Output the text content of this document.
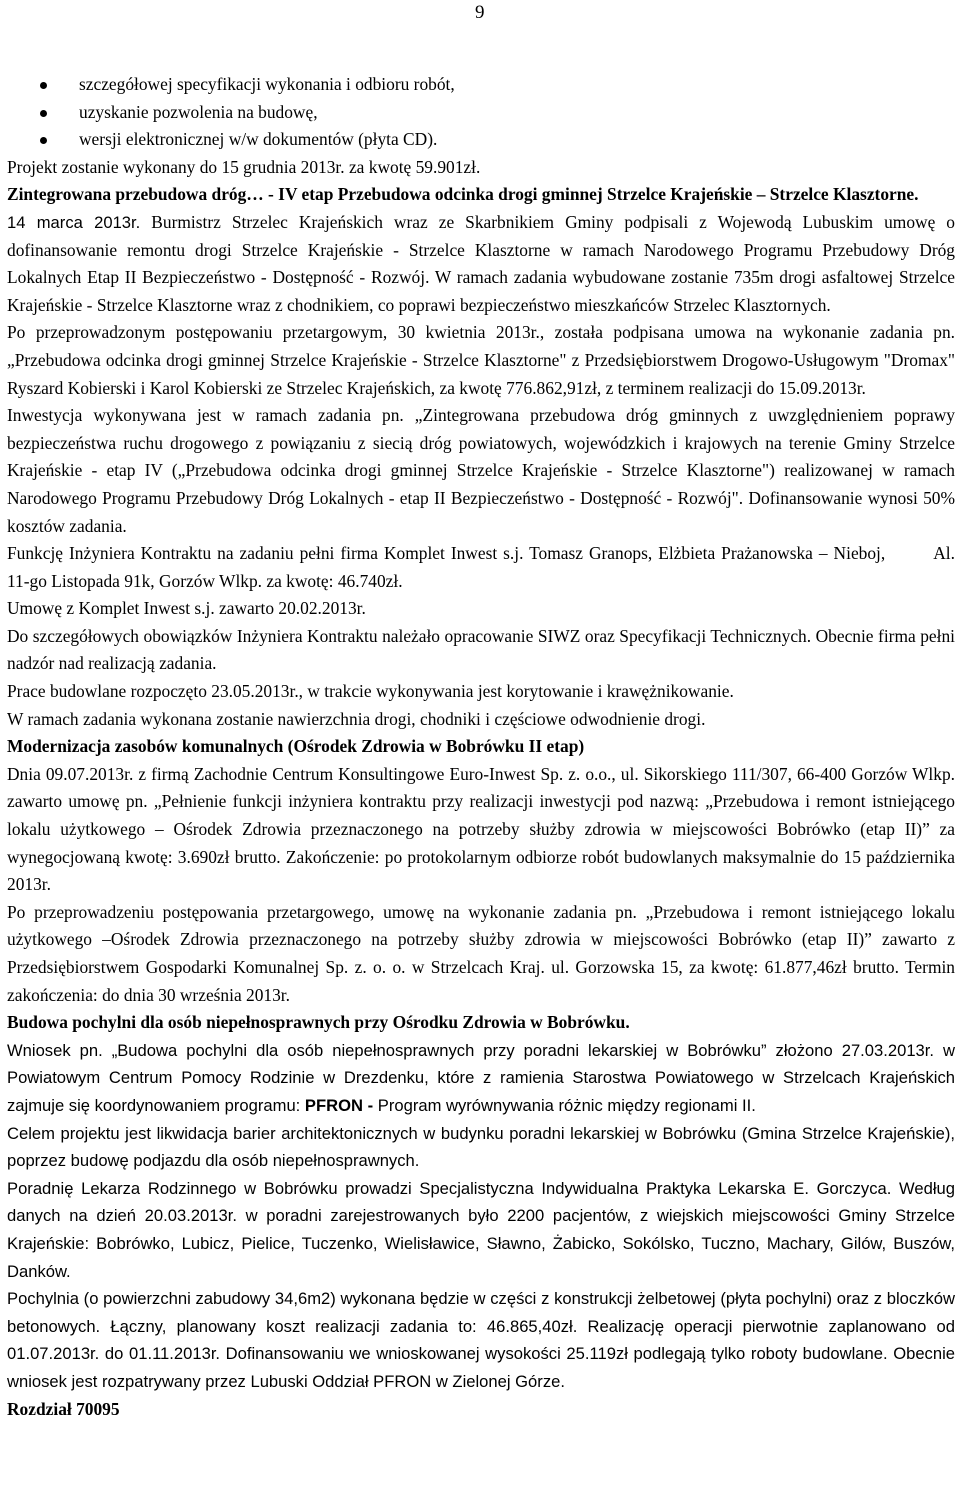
9
szczegółowej specyfikacji wykonania i odbioru robót,
uzyskanie pozwolenia na budowę,
wersji elektronicznej w/w dokumentów (płyta CD).

Projekt zostanie wykonany do 15 grudnia 2013r. za kwotę 59.901zł.

Zintegrowana przebudowa dróg… - IV etap Przebudowa odcinka drogi gminnej Strzelce Krajeńskie – Strzelce Klasztorne.

14 marca 2013r. Burmistrz Strzelec Krajeńskich wraz ze Skarbnikiem Gminy podpisali z Wojewodą Lubuskim umowę o dofinansowanie remontu drogi Strzelce Krajeńskie - Strzelce Klasztorne w ramach Narodowego Programu Przebudowy Dróg Lokalnych Etap II Bezpieczeństwo - Dostępność - Rozwój. W ramach zadania wybudowane zostanie 735m drogi asfaltowej Strzelce Krajeńskie - Strzelce Klasztorne wraz z chodnikiem, co poprawi bezpieczeństwo mieszkańców Strzelec Klasztornych.

Po przeprowadzonym postępowaniu przetargowym, 30 kwietnia 2013r., została podpisana umowa na wykonanie zadania pn. „Przebudowa odcinka drogi gminnej Strzelce Krajeńskie - Strzelce Klasztorne" z Przedsiębiorstwem Drogowo-Usługowym "Dromax" Ryszard Kobierski i Karol Kobierski ze Strzelec Krajeńskich, za kwotę 776.862,91zł, z terminem realizacji do 15.09.2013r.

Inwestycja wykonywana jest w ramach zadania pn. „Zintegrowana przebudowa dróg gminnych z uwzględnieniem poprawy bezpieczeństwa ruchu drogowego z powiązaniu z siecią dróg powiatowych, wojewódzkich i krajowych na terenie Gminy Strzelce Krajeńskie - etap IV („Przebudowa odcinka drogi gminnej Strzelce Krajeńskie - Strzelce Klasztorne") realizowanej w ramach Narodowego Programu Przebudowy Dróg Lokalnych - etap II Bezpieczeństwo - Dostępność - Rozwój". Dofinansowanie wynosi 50% kosztów zadania.

Funkcję Inżyniera Kontraktu na zadaniu pełni firma Komplet Inwest s.j. Tomasz Granops, Elżbieta Prażanowska – Nieboj,	Al. 11-go Listopada 91k, Gorzów Wlkp. za kwotę: 46.740zł.

Umowę z Komplet Inwest s.j. zawarto 20.02.2013r.

Do szczegółowych obowiązków Inżyniera Kontraktu należało opracowanie SIWZ oraz Specyfikacji Technicznych. Obecnie firma pełni nadzór nad realizacją zadania.

Prace budowlane rozpoczęto 23.05.2013r., w trakcie wykonywania jest korytowanie i krawężnikowanie.

W ramach zadania wykonana zostanie nawierzchnia drogi, chodniki i częściowe odwodnienie drogi.

Modernizacja zasobów komunalnych (Ośrodek Zdrowia w Bobrówku II etap)

Dnia 09.07.2013r. z firmą Zachodnie Centrum Konsultingowe Euro-Inwest Sp. z. o.o., ul. Sikorskiego 111/307, 66-400 Gorzów Wlkp. zawarto umowę pn. „Pełnienie funkcji inżyniera kontraktu przy realizacji inwestycji pod nazwą: „Przebudowa i remont istniejącego lokalu użytkowego – Ośrodek Zdrowia przeznaczonego na potrzeby służby zdrowia w miejscowości Bobrówko (etap II)” za wynegocjowaną kwotę: 3.690zł brutto. Zakończenie: po protokolarnym odbiorze robót budowlanych maksymalnie do 15 października 2013r.

Po przeprowadzeniu postępowania przetargowego, umowę na wykonanie zadania pn. „Przebudowa i remont istniejącego lokalu użytkowego –Ośrodek Zdrowia przeznaczonego na potrzeby służby zdrowia w miejscowości Bobrówko (etap II)” zawarto z Przedsiębiorstwem Gospodarki Komunalnej Sp. z. o. o. w Strzelcach Kraj. ul. Gorzowska 15, za kwotę: 61.877,46zł brutto. Termin zakończenia: do dnia 30 września 2013r.

Budowa pochylni dla osób niepełnosprawnych przy Ośrodku Zdrowia w Bobrówku.

Wniosek pn. „Budowa pochylni dla osób niepełnosprawnych przy poradni lekarskiej w Bobrówku” złożono 27.03.2013r. w Powiatowym Centrum Pomocy Rodzinie w Drezdenku, które z ramienia Starostwa Powiatowego w Strzelcach Krajeńskich zajmuje się koordynowaniem programu: PFRON - Program wyrównywania różnic między regionami II.

Celem projektu jest likwidacja barier architektonicznych w budynku poradni lekarskiej w Bobrówku (Gmina Strzelce Krajeńskie), poprzez budowę podjazdu dla osób niepełnosprawnych.

Poradnię Lekarza Rodzinnego w Bobrówku prowadzi Specjalistyczna Indywidualna Praktyka Lekarska E. Gorczyca. Według danych na dzień 20.03.2013r. w poradni zarejestrowanych było 2200 pacjentów, z wiejskich miejscowości Gminy Strzelce Krajeńskie: Bobrówko, Lubicz, Pielice, Tuczenko, Wielisławice, Sławno, Żabicko, Sokólsko, Tuczno, Machary, Gilów, Buszów, Danków.

Pochylnia (o powierzchni zabudowy 34,6m2) wykonana będzie w części z konstrukcji żelbetowej (płyta pochylni) oraz z bloczków betonowych. Łączny, planowany koszt realizacji zadania to: 46.865,40zł. Realizację operacji pierwotnie zaplanowano od 01.07.2013r. do 01.11.2013r. Dofinansowaniu we wnioskowanej wysokości 25.119zł podlegają tylko roboty budowlane. Obecnie wniosek jest rozpatrywany przez Lubuski Oddział PFRON w Zielonej Górze.

Rozdział 70095
